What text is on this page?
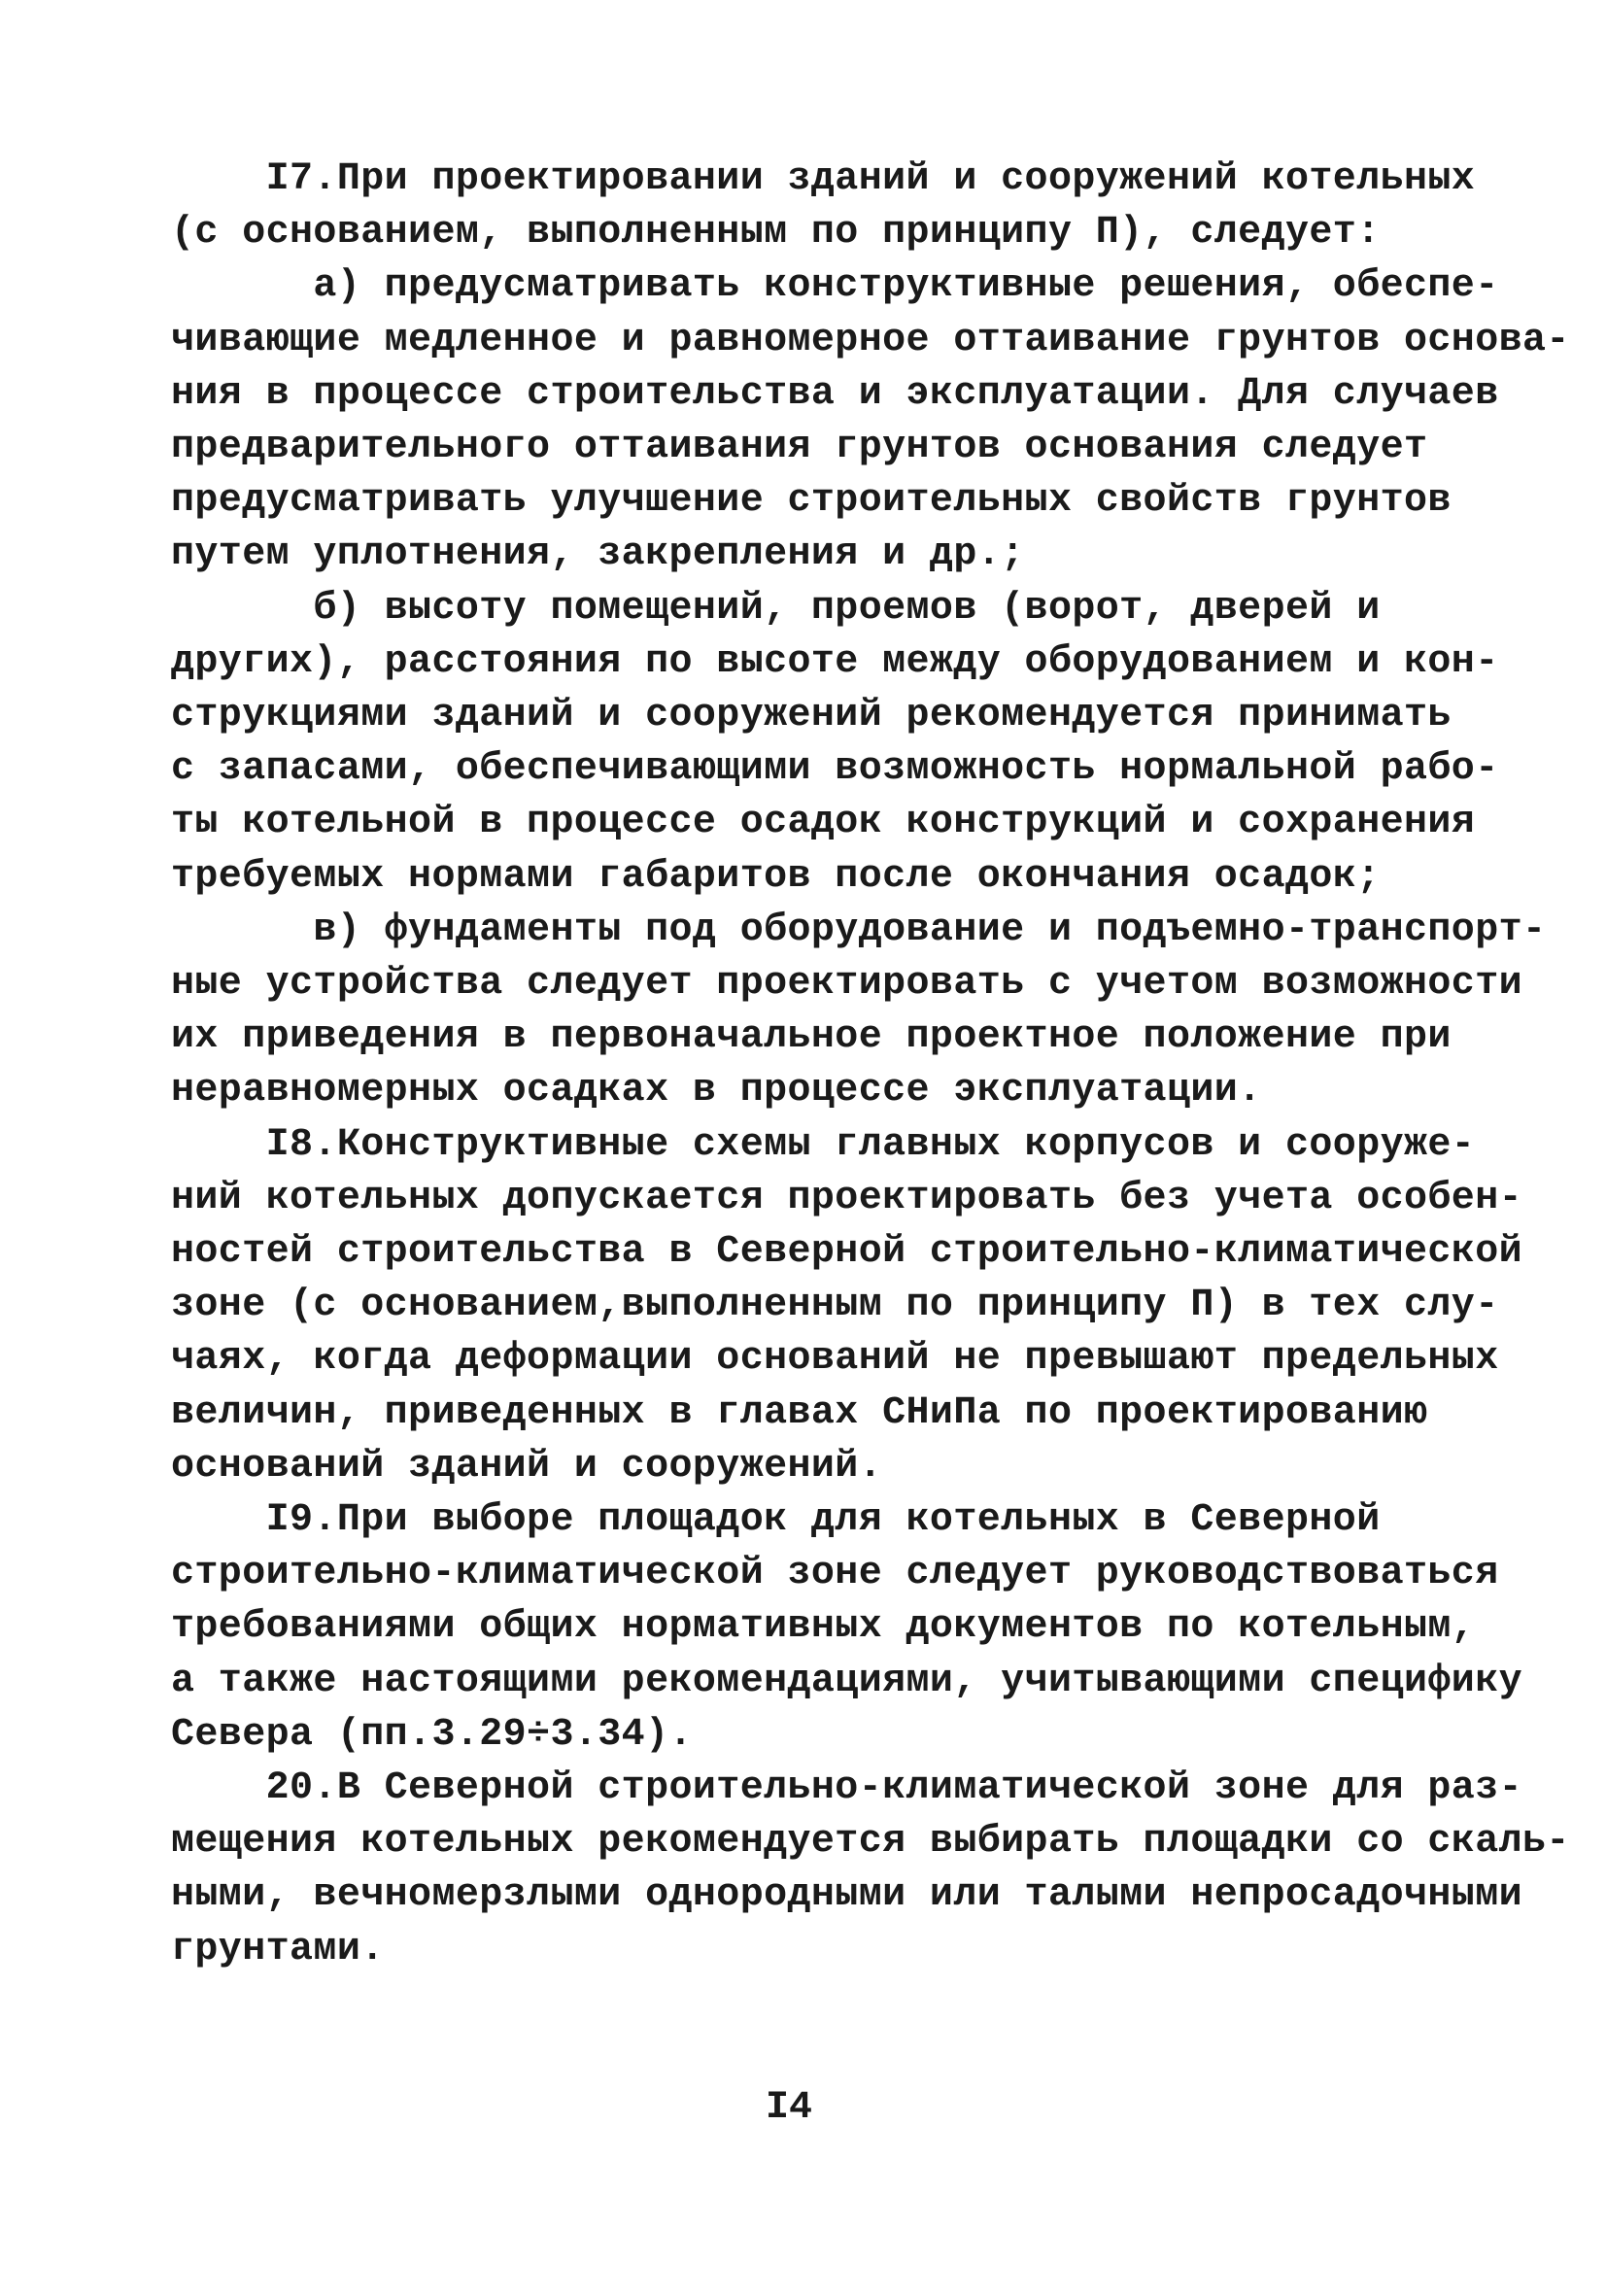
I7.При проектировании зданий и сооружений котельных
(с основанием, выполненным по принципу П), следует:
а) предусматривать конструктивные решения, обеспе-
чивающие медленное и равномерное оттаивание грунтов основа-
ния в процессе строительства и эксплуатации. Для случаев
предварительного оттаивания грунтов основания следует
предусматривать улучшение строительных свойств грунтов
путем уплотнения, закрепления и др.;
б) высоту помещений, проемов (ворот, дверей и
других), расстояния по высоте между оборудованием и кон-
струкциями зданий и сооружений рекомендуется принимать
с запасами, обеспечивающими возможность нормальной рабо-
ты котельной в процессе осадок конструкций и сохранения
требуемых нормами габаритов после окончания осадок;
в) фундаменты под оборудование и подъемно-транспорт-
ные устройства следует проектировать с учетом возможности
их приведения в первоначальное проектное положение при
неравномерных осадках в процессе эксплуатации.
I8.Конструктивные схемы главных корпусов и сооруже-
ний котельных допускается проектировать без учета особен-
ностей строительства в Северной строительно-климатической
зоне (с основанием,выполненным по принципу П) в тех слу-
чаях, когда деформации оснований не превышают предельных
величин, приведенных в главах СНиПа по проектированию
оснований зданий и сооружений.
I9.При выборе площадок для котельных в Северной
строительно-климатической зоне следует руководствоваться
требованиями общих нормативных документов по котельным,
а также настоящими рекомендациями, учитывающими специфику
Севера (пп.3.29÷3.34).
20.В Северной строительно-климатической зоне для раз-
мещения котельных рекомендуется выбирать площадки со скаль-
ными, вечномерзлыми однородными или талыми непросадочными
грунтами.
I4
